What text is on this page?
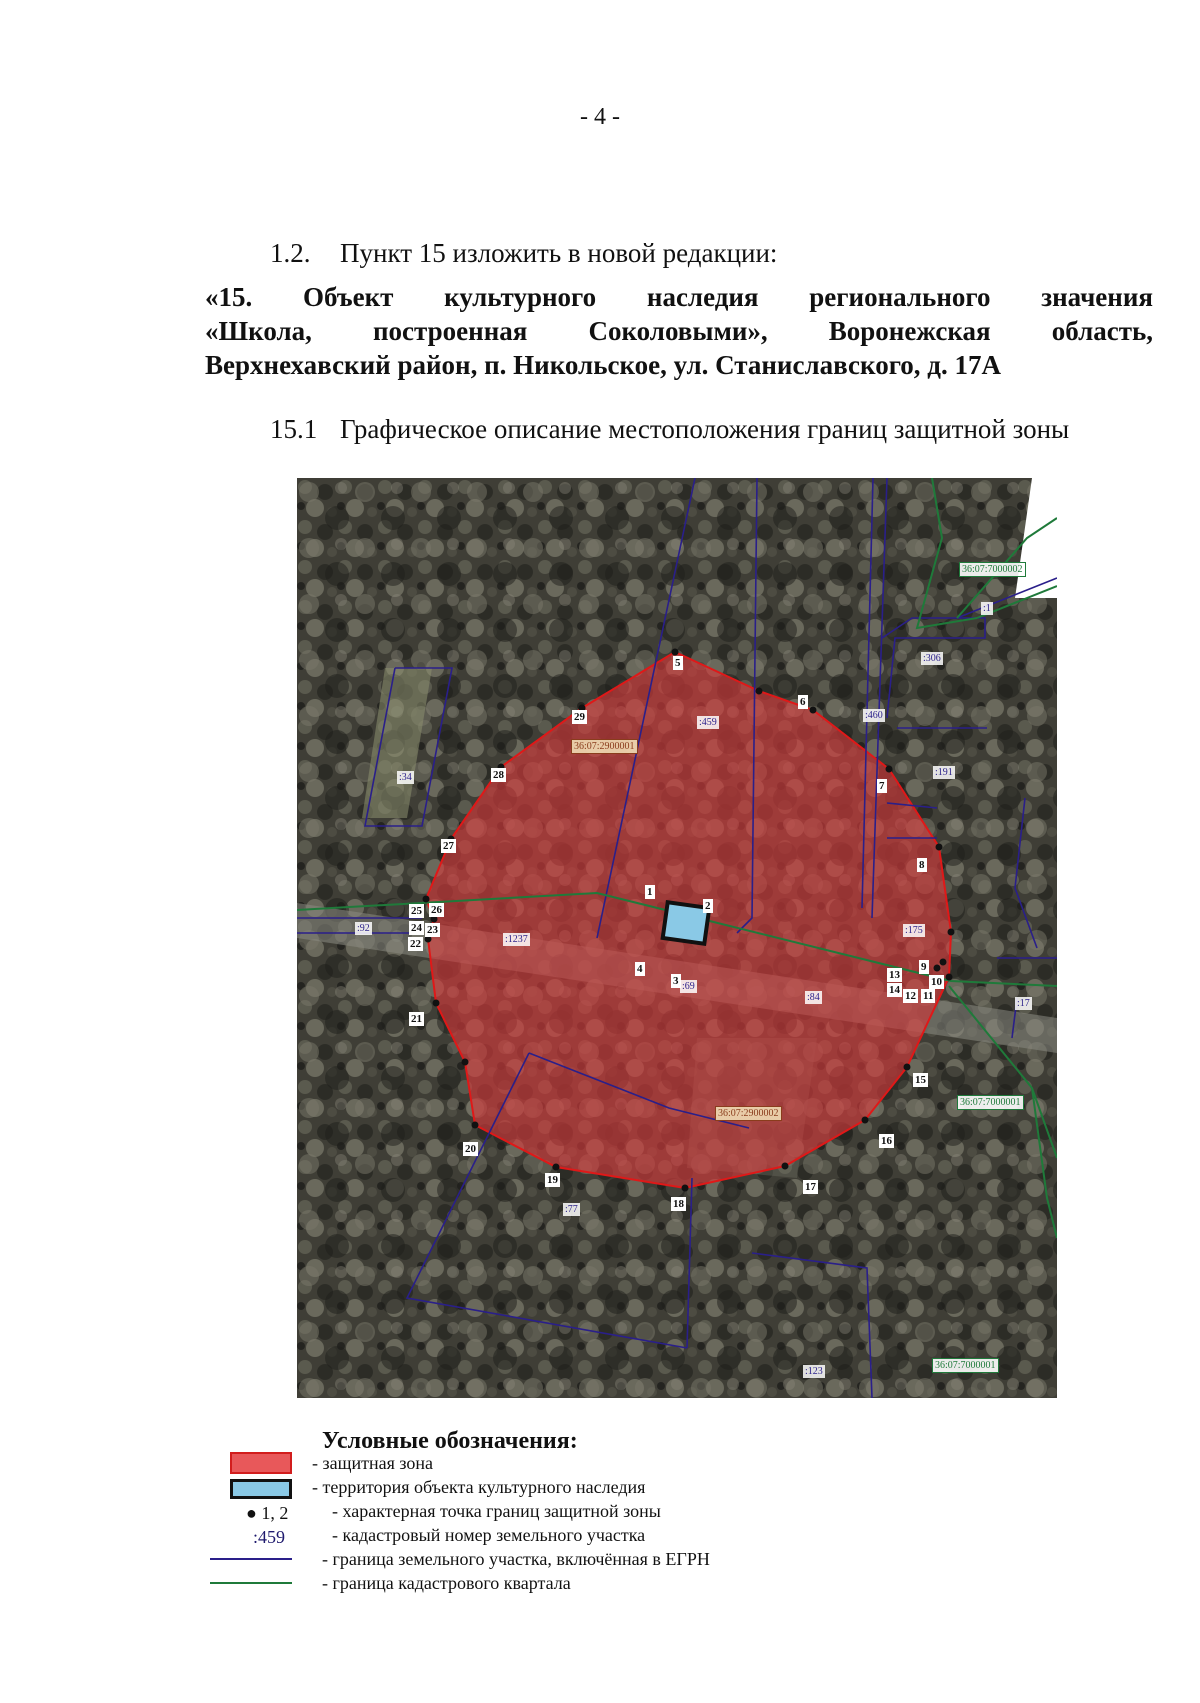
- 4 -
1.2. Пункт 15 изложить в новой редакции:
«15. Объект культурного наследия регионального значения
«Школа, построенная Соколовыми», Воронежская область,
Верхнехавский район, п. Никольское, ул. Станиславского, д. 17А
15.1 Графическое описание местоположения границ защитной зоны
1
2
3
4
5
6
7
8
9
10
11
12
13
14
15
16
17
18
19
20
21
22
23
24
25 26
27
28
29	:459
:460
:306
:191
:175
:34
:92
:1237
:69
:84
:17
:77
:123
:1
36:07:2900001
36:07:2900002
36:07:7000001
36:07:7000002
36:07:7000001
Условные обозначения:
- защитная зона
- территория объекта культурного наследия
● 1, 2 - характерная точка границ защитной зоны
:459	- кадастровый номер земельного участка
- граница земельного участка, включённая в ЕГРН
- граница кадастрового квартала
